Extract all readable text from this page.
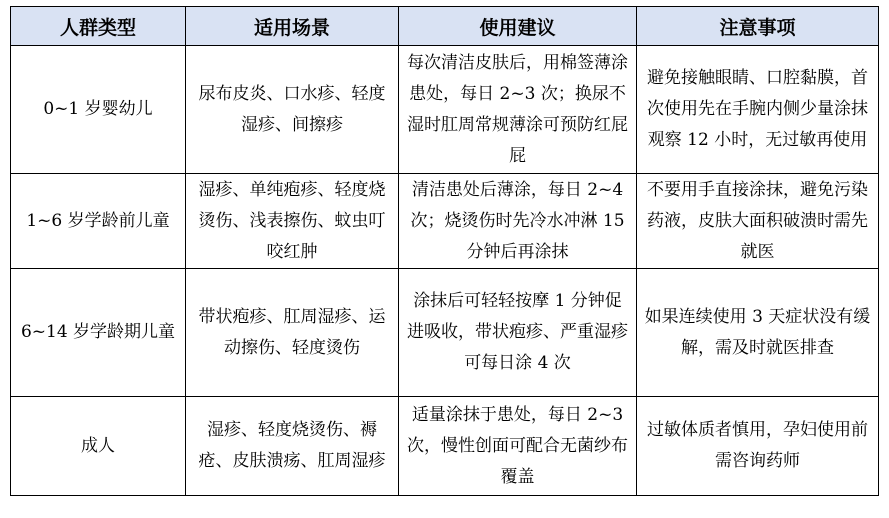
人群类型	适用场景	使用建议	注意事项
0~1 岁婴幼儿	尿布皮炎、口水疹、轻度湿疹、间擦疹	每次清洁皮肤后，用棉签薄涂患处，每日 2~3 次；换尿不湿时肛周常规薄涂可预防红屁屁	避免接触眼睛、口腔黏膜，首次使用先在手腕内侧少量涂抹观察 12 小时，无过敏再使用
1~6 岁学龄前儿童	湿疹、单纯疱疹、轻度烧烫伤、浅表擦伤、蚊虫叮咬红肿	清洁患处后薄涂，每日 2~4 次；烧烫伤时先冷水冲淋 15 分钟后再涂抹	不要用手直接涂抹，避免污染药液，皮肤大面积破溃时需先就医
6~14 岁学龄期儿童	带状疱疹、肛周湿疹、运动擦伤、轻度烫伤	涂抹后可轻轻按摩 1 分钟促进吸收，带状疱疹、严重湿疹可每日涂 4 次	如果连续使用 3 天症状没有缓解，需及时就医排查
成人	湿疹、轻度烧烫伤、褥疮、皮肤溃疡、肛周湿疹	适量涂抹于患处，每日 2~3 次，慢性创面可配合无菌纱布覆盖	过敏体质者慎用，孕妇使用前需咨询药师
